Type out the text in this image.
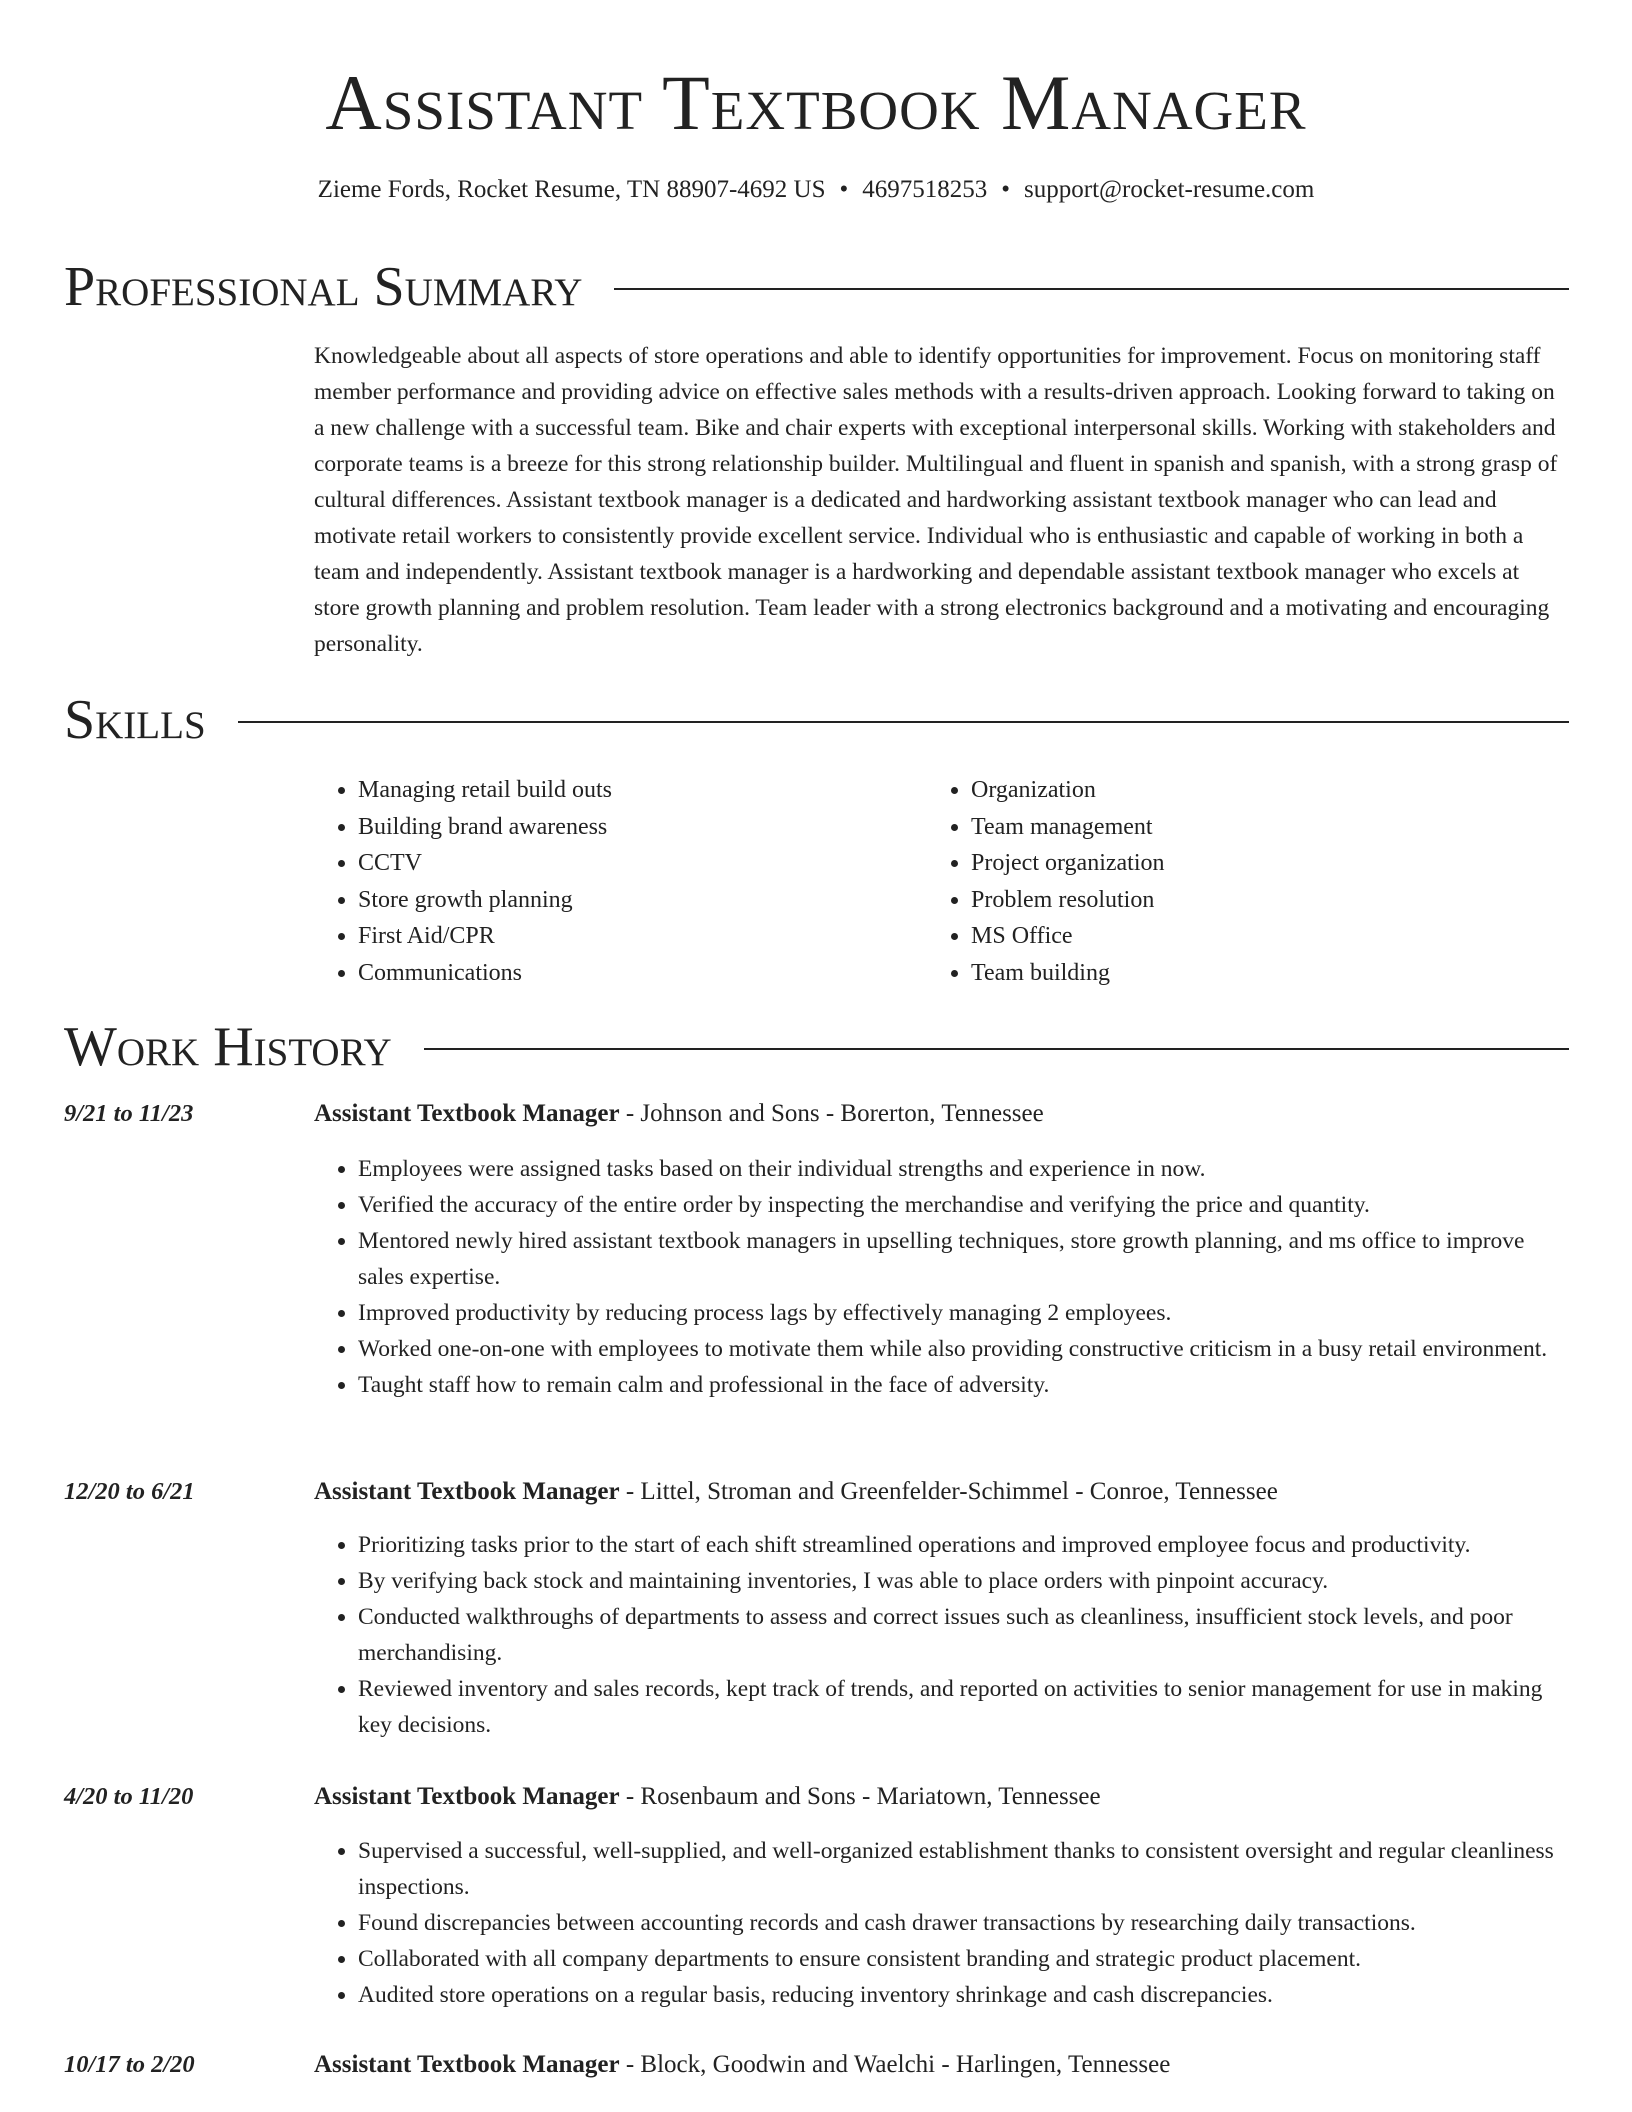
Assistant Textbook Manager
Zieme Fords, Rocket Resume, TN 88907-4692 US • 4697518253 • support@rocket-resume.com
Professional Summary

Knowledgeable about all aspects of store operations and able to identify opportunities for improvement. Focus on monitoring staff member performance and providing advice on effective sales methods with a results-driven approach. Looking forward to taking on a new challenge with a successful team. Bike and chair experts with exceptional interpersonal skills. Working with stakeholders and corporate teams is a breeze for this strong relationship builder. Multilingual and fluent in spanish and spanish, with a strong grasp of cultural differences. Assistant textbook manager is a dedicated and hardworking assistant textbook manager who can lead and motivate retail workers to consistently provide excellent service. Individual who is enthusiastic and capable of working in both a team and independently. Assistant textbook manager is a hardworking and dependable assistant textbook manager who excels at store growth planning and problem resolution. Team leader with a strong electronics background and a motivating and encouraging personality.

Skills
• Managing retail build outs
• Building brand awareness
• CCTV
• Store growth planning
• First Aid/CPR
• Communications
• Organization
• Team management
• Project organization
• Problem resolution
• MS Office
• Team building
Work History
9/21 to 11/23	Assistant Textbook Manager - Johnson and Sons - Borerton, Tennessee
• Employees were assigned tasks based on their individual strengths and experience in now.
• Verified the accuracy of the entire order by inspecting the merchandise and verifying the price and quantity.
• Mentored newly hired assistant textbook managers in upselling techniques, store growth planning, and ms office to improve sales expertise.
• Improved productivity by reducing process lags by effectively managing 2 employees.
• Worked one-on-one with employees to motivate them while also providing constructive criticism in a busy retail environment.
• Taught staff how to remain calm and professional in the face of adversity.
12/20 to 6/21	Assistant Textbook Manager - Littel, Stroman and Greenfelder-Schimmel - Conroe, Tennessee
• Prioritizing tasks prior to the start of each shift streamlined operations and improved employee focus and productivity.
• By verifying back stock and maintaining inventories, I was able to place orders with pinpoint accuracy.
• Conducted walkthroughs of departments to assess and correct issues such as cleanliness, insufficient stock levels, and poor merchandising.
• Reviewed inventory and sales records, kept track of trends, and reported on activities to senior management for use in making key decisions.
4/20 to 11/20	Assistant Textbook Manager - Rosenbaum and Sons - Mariatown, Tennessee
• Supervised a successful, well-supplied, and well-organized establishment thanks to consistent oversight and regular cleanliness inspections.
• Found discrepancies between accounting records and cash drawer transactions by researching daily transactions.
• Collaborated with all company departments to ensure consistent branding and strategic product placement.
• Audited store operations on a regular basis, reducing inventory shrinkage and cash discrepancies.
10/17 to 2/20	Assistant Textbook Manager - Block, Goodwin and Waelchi - Harlingen, Tennessee
